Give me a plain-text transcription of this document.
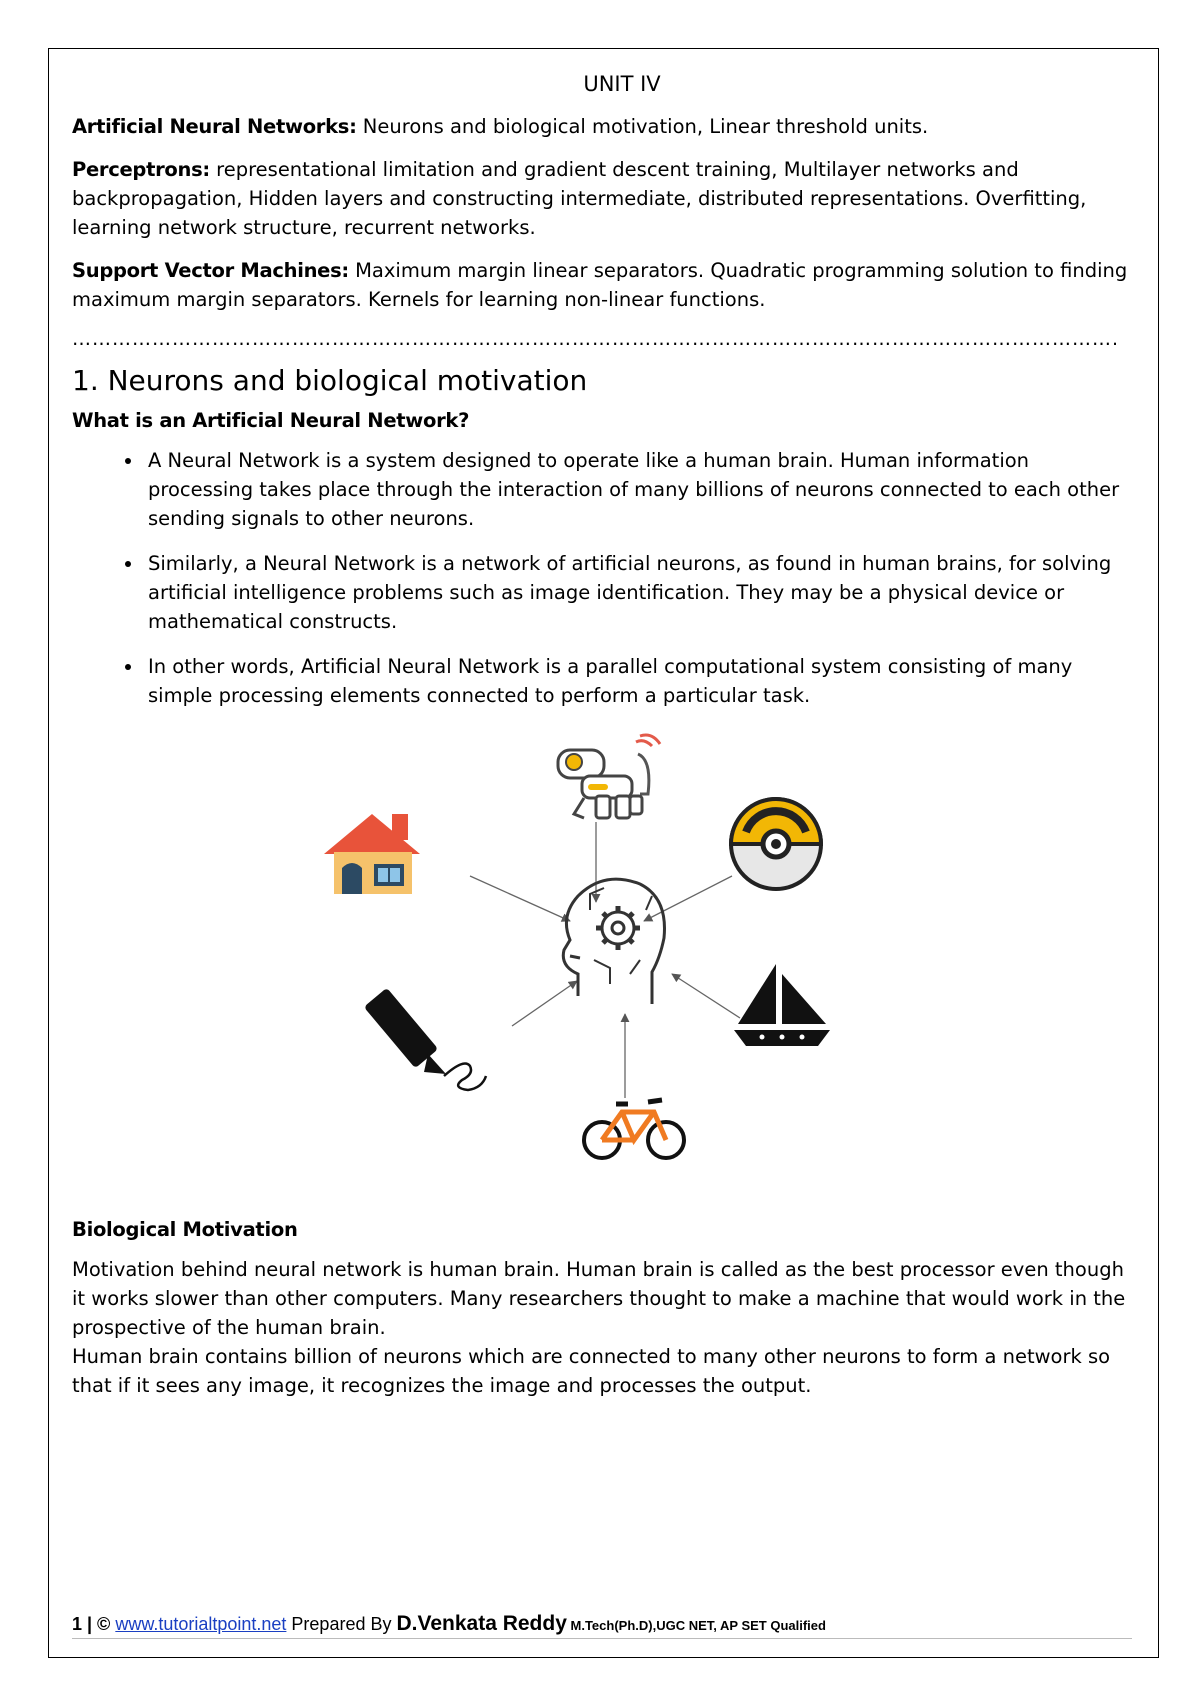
UNIT IV

Artificial Neural Networks: Neurons and biological motivation, Linear threshold units.

Perceptrons: representational limitation and gradient descent training, Multilayer networks and backpropagation, Hidden layers and constructing intermediate, distributed representations. Overfitting, learning network structure, recurrent networks.

Support Vector Machines: Maximum margin linear separators. Quadratic programming solution to finding maximum margin separators. Kernels for learning non-linear functions.

………………………………………………………………………………………………………………………………………….
1. Neurons and biological motivation
What is an Artificial Neural Network?
• A Neural Network is a system designed to operate like a human brain. Human information processing takes place through the interaction of many billions of neurons connected to each other sending signals to other neurons.
• Similarly, a Neural Network is a network of artificial neurons, as found in human brains, for solving artificial intelligence problems such as image identification. They may be a physical device or mathematical constructs.
• In other words, Artificial Neural Network is a parallel computational system consisting of many simple processing elements connected to perform a particular task.
Biological Motivation

Motivation behind neural network is human brain. Human brain is called as the best processor even though it works slower than other computers. Many researchers thought to make a machine that would work in the prospective of the human brain.

Human brain contains billion of neurons which are connected to many other neurons to form a network so that if it sees any image, it recognizes the image and processes the output.

1 | © www.tutorialtpoint.net Prepared By D.Venkata Reddy M.Tech(Ph.D),UGC NET, AP SET Qualified
